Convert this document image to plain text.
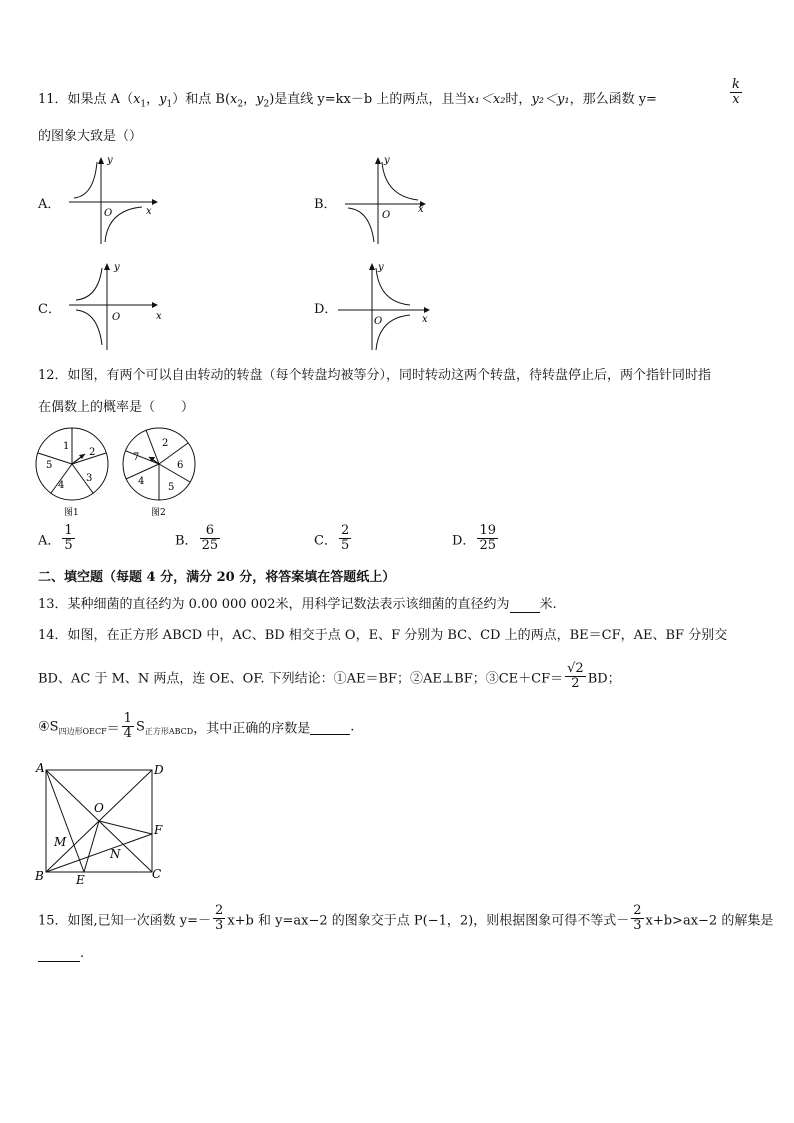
11．如果点 $A(x_1$，$y_1$）和点 $B(x_2$，$y_2$)是直线 y=kx－b 上的两点，且当x₁＜x₂时，y₂＜y₁，那么函数 y=	$\frac{k}{x}$
的图象大致是（）
A．	B．
C．	D．
y
x
O
y
x
O
y
x
O
y
x
O
12．如图，有两个可以自由转动的转盘（每个转盘均被等分），同时转动这两个转盘，待转盘停止后，两个指针同时指
在偶数上的概率是（　　）
1
2
3
4
5
图1
2
6
5
4
7
图2
A． $\frac{1}{5}$	B． $\frac{6}{25}$	C． $\frac{2}{5}$	D． $\frac{19}{25}$
二、填空题（每题 4 分，满分 20 分，将答案填在答题纸上）
13．某种细菌的直径约为 0.00 000 002米，用科学记数法表示该细菌的直径约为 米.
14．如图，在正方形 ABCD 中，AC、BD 相交于点 O，E、F 分别为 BC、CD 上的两点，BE＝CF，AE、BF 分别交
BD、AC 于 M、N 两点，连 OE、OF. 下列结论：①AE＝BF；②AE⊥BF；③CE＋CF＝ $\frac{√2}{2}$ BD；
$④S_{四边形OECF}= \frac{1}{4} S_{正方形ABCD}$，其中正确的序数是	.
A	D
O
F
M
N
B	E	C
15．如图,已知一次函数 $y=- \frac{2}{3} x+b$ 和 y=ax−2 的图象交于点 P(−1，2)，则根据图象可得不等式－ $\frac{2}{3} x+b>ax-2$ 的解集是
.
